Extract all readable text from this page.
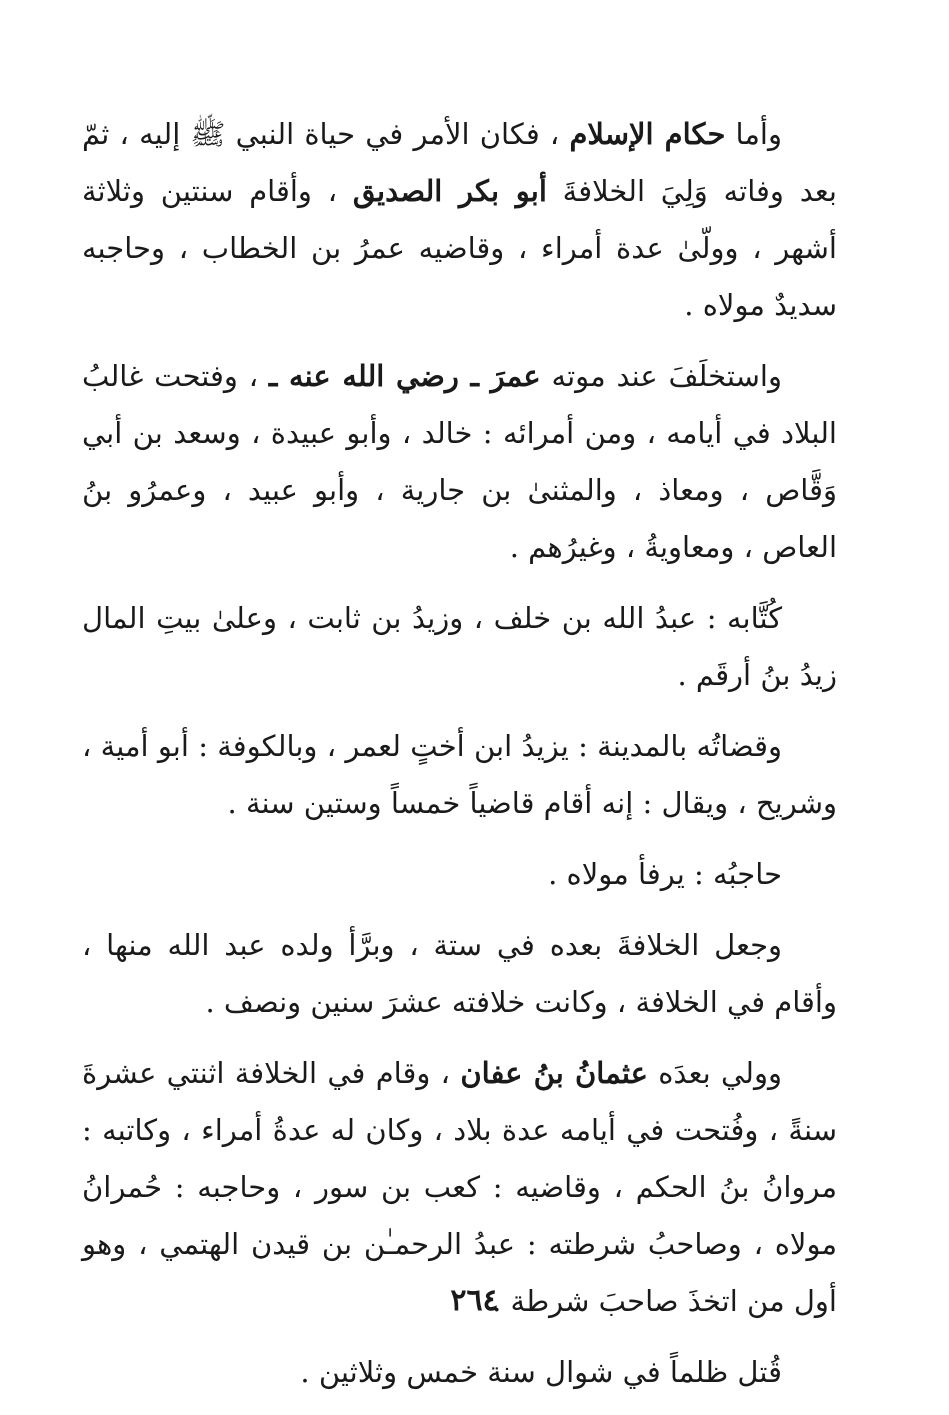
وأما حكام الإسلام ، فكان الأمر في حياة النبي ﷺ إليه ، ثمّ بعد وفاته وَلِيَ الخلافةَ أبو بكر الصديق ، وأقام سنتين وثلاثة أشهر ، وولّىٰ عدة أمراء ، وقاضيه عمرُ بن الخطاب ، وحاجبه سديدٌ مولاه .

واستخلَفَ عند موته عمرَ ـ رضي الله عنه ـ ، وفتحت غالبُ البلاد في أيامه ، ومن أمرائه : خالد ، وأبو عبيدة ، وسعد بن أبي وَقَّاص ، ومعاذ ، والمثنىٰ بن جارية ، وأبو عبيد ، وعمرُو بنُ العاص ، ومعاويةُ ، وغيرُهم .

كُتَّابه : عبدُ الله بن خلف ، وزيدُ بن ثابت ، وعلىٰ بيتِ المال زيدُ بنُ أرقَم .

وقضاتُه بالمدينة : يزيدُ ابن أختٍ لعمر ، وبالكوفة : أبو أمية ، وشريح ، ويقال : إنه أقام قاضياً خمساً وستين سنة .

حاجبُه : يرفأ مولاه .

وجعل الخلافةَ بعده في ستة ، وبرَّأ ولده عبد الله منها ، وأقام في الخلافة ، وكانت خلافته عشرَ سنين ونصف .

وولي بعدَه عثمانُ بنُ عفان ، وقام في الخلافة اثنتي عشرةَ سنةً ، وفُتحت في أيامه عدة بلاد ، وكان له عدةُ أمراء ، وكاتبه : مروانُ بنُ الحكم ، وقاضيه : كعب بن سور ، وحاجبه : حُمرانُ مولاه ، وصاحبُ شرطته : عبدُ الرحمـٰن بن قيدن الهتمي ، وهو أول من اتخذَ صاحبَ شرطة .

قُتل ظلماً في شوال سنة خمس وثلاثين .

٢٦٤
